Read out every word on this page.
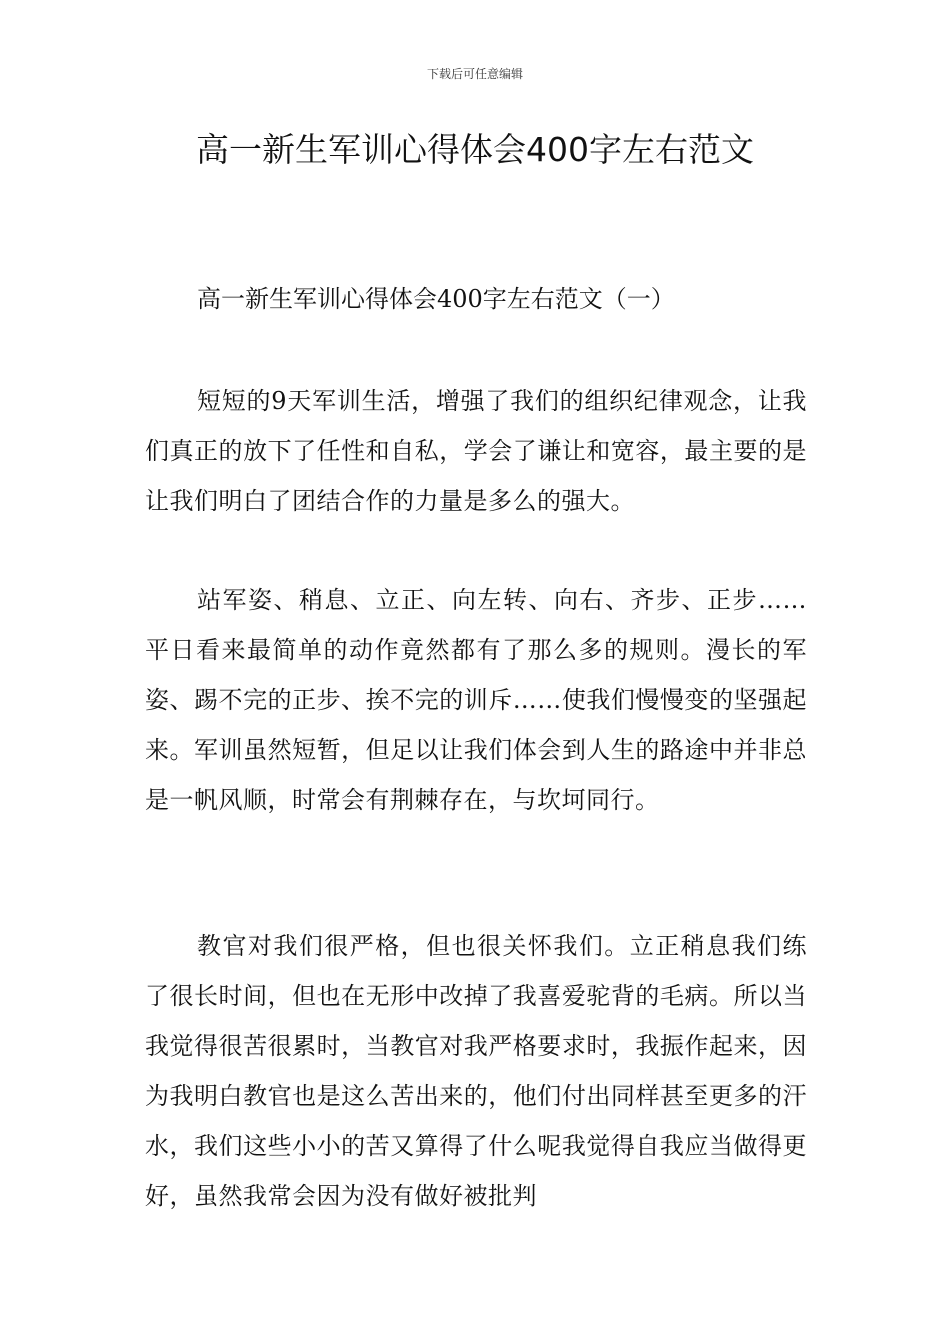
下载后可任意编辑
高一新生军训心得体会400字左右范文

高一新生军训心得体会400字左右范文（一）

短短的9天军训生活，增强了我们的组织纪律观念，让我们真正的放下了任性和自私，学会了谦让和宽容，最主要的是让我们明白了团结合作的力量是多么的强大。

站军姿、稍息、立正、向左转、向右、齐步、正步……平日看来最简单的动作竟然都有了那么多的规则。漫长的军姿、踢不完的正步、挨不完的训斥……使我们慢慢变的坚强起来。军训虽然短暂，但足以让我们体会到人生的路途中并非总是一帆风顺，时常会有荆棘存在，与坎坷同行。

教官对我们很严格，但也很关怀我们。立正稍息我们练了很长时间，但也在无形中改掉了我喜爱驼背的毛病。所以当我觉得很苦很累时，当教官对我严格要求时，我振作起来，因为我明白教官也是这么苦出来的，他们付出同样甚至更多的汗水，我们这些小小的苦又算得了什么呢我觉得自我应当做得更好，虽然我常会因为没有做好被批判
